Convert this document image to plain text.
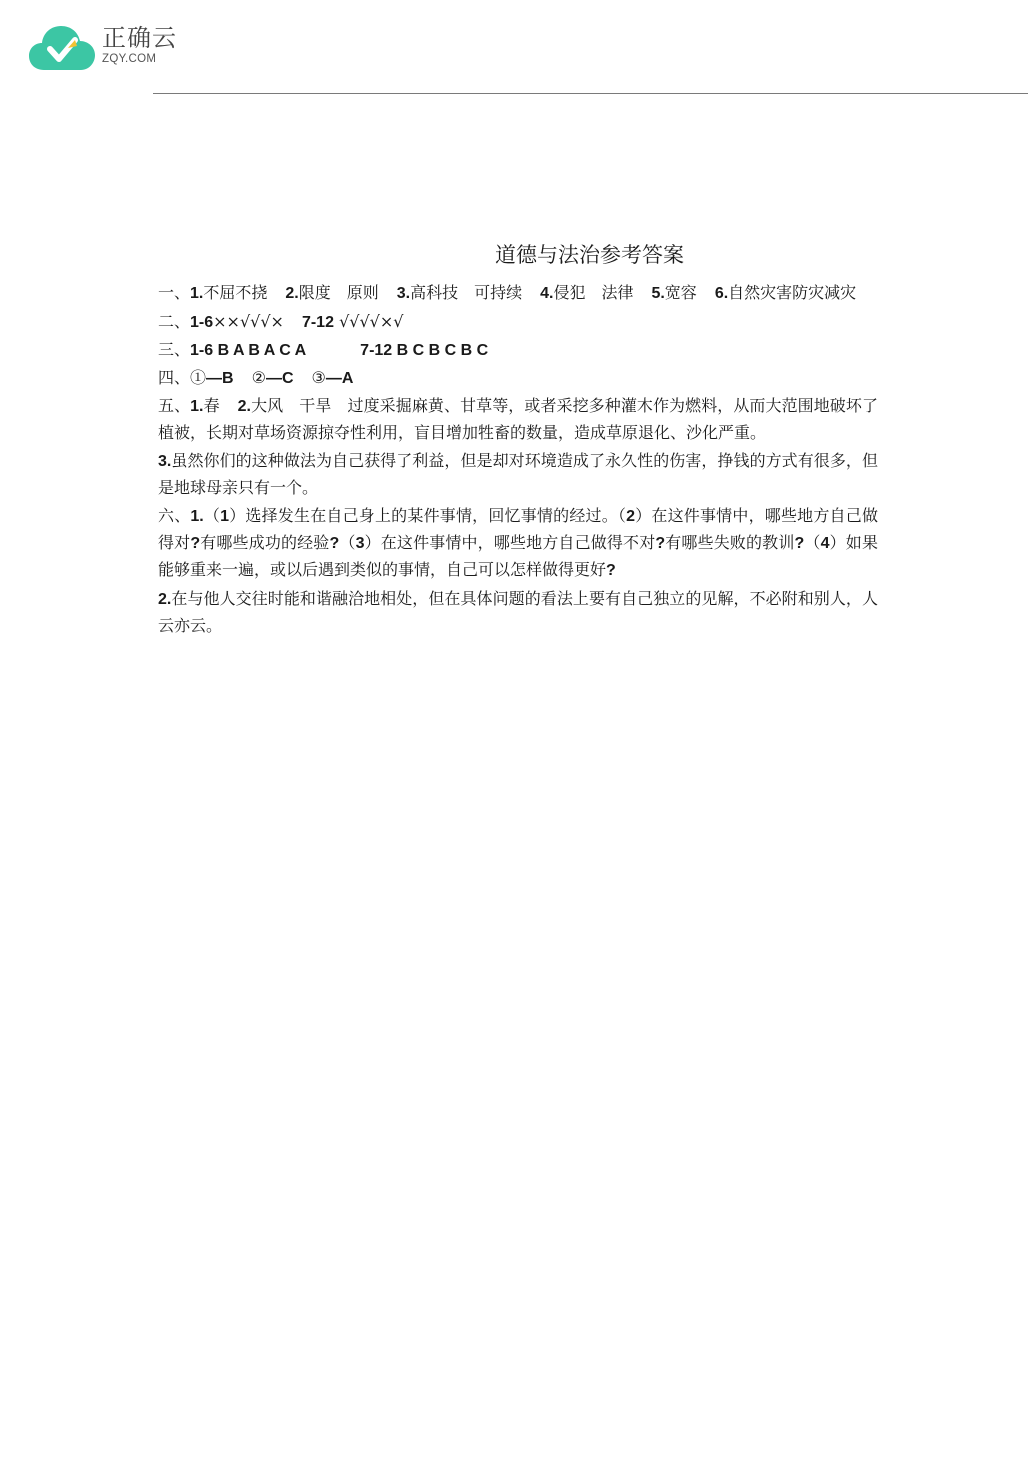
正确云
ZQY.COM
道德与法治参考答案
一、1.不屈不挠 2.限度　原则 3.高科技　可持续 4.侵犯　法律 5.宽容 6.自然灾害防灾减灾
二、1-6××√√√× 7-12 √√√√×√
三、1-6 B A B A C A	7-12 B C B C B C
四、①—B ②—C ③—A
五、1.春 2.大风　干旱　过度采掘麻黄、甘草等，或者采挖多种灌木作为燃料，从而大范围地破坏了植被，长期对草场资源掠夺性利用，盲目增加牲畜的数量，造成草原退化、沙化严重。
3.虽然你们的这种做法为自己获得了利益，但是却对环境造成了永久性的伤害，挣钱的方式有很多，但是地球母亲只有一个。
六、1.（1）选择发生在自己身上的某件事情，回忆事情的经过。（2）在这件事情中，哪些地方自己做得对?有哪些成功的经验?（3）在这件事情中，哪些地方自己做得不对?有哪些失败的教训?（4）如果能够重来一遍，或以后遇到类似的事情，自己可以怎样做得更好?
2.在与他人交往时能和谐融洽地相处，但在具体问题的看法上要有自己独立的见解，不必附和别人，人云亦云。
